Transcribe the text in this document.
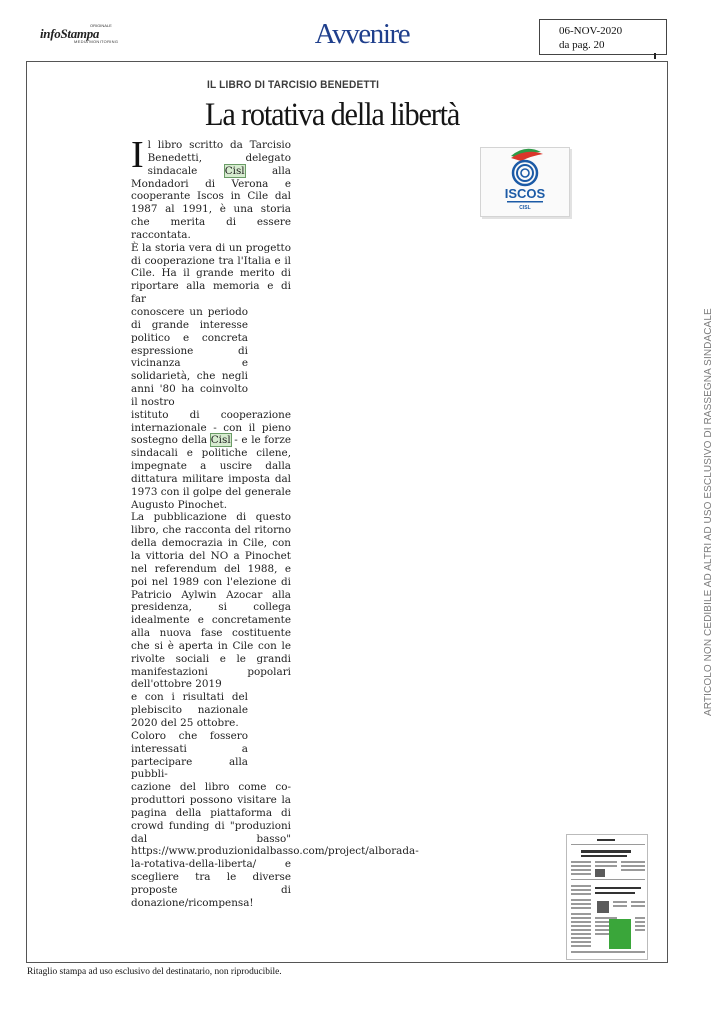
ORIGINALE
infoStampa
MEDIA MONITORING	Avvenire	06-NOV-2020
da pag. 20
IL LIBRO DI TARCISIO BENEDETTI
La rotativa della libertà

Il libro scritto da Tarcisio Benedetti, delegato sindacale Cisl alla Mondadori di Verona e cooperante Iscos in Cile dal 1987 al 1991, è una storia che merita di essere raccontata.

È la storia vera di un progetto di cooperazione tra l'Italia e il Cile. Ha il grande merito di riportare alla memoria e di far

conoscere un periodo di grande interesse politico e concreta espressione di vicinanza e solidarietà, che negli anni '80 ha coinvolto il nostro

istituto di cooperazione internazionale - con il pieno sostegno della Cisl - e le forze sindacali e politiche cilene, impegnate a uscire dalla dittatura militare imposta dal 1973 con il golpe del generale Augusto Pinochet.

La pubblicazione di questo libro, che racconta del ritorno della democrazia in Cile, con la vittoria del NO a Pinochet nel referendum del 1988, e poi nel 1989 con l'elezione di Patricio Aylwin Azocar alla presidenza, si collega idealmente e concretamente alla nuova fase costituente che si è aperta in Cile con le rivolte sociali e le grandi manifestazioni popolari dell'ottobre 2019

e con i risultati del plebiscito nazionale 2020 del 25 ottobre.

Coloro che fossero interessati a partecipare alla pubbli-

cazione del libro come co-produttori possono visitare la pagina della piattaforma di crowd funding di "produzioni dal basso" https://www.produzionidalbasso.com/project/alborada-la-rotativa-della-liberta/ e scegliere tra le diverse proposte di donazione/ricompensa!

ISCOS
CISL
ARTICOLO NON CEDIBILE AD ALTRI AD USO ESCLUSIVO DI RASSEGNA SINDACALE
Ritaglio stampa ad uso esclusivo del destinatario, non riproducibile.
